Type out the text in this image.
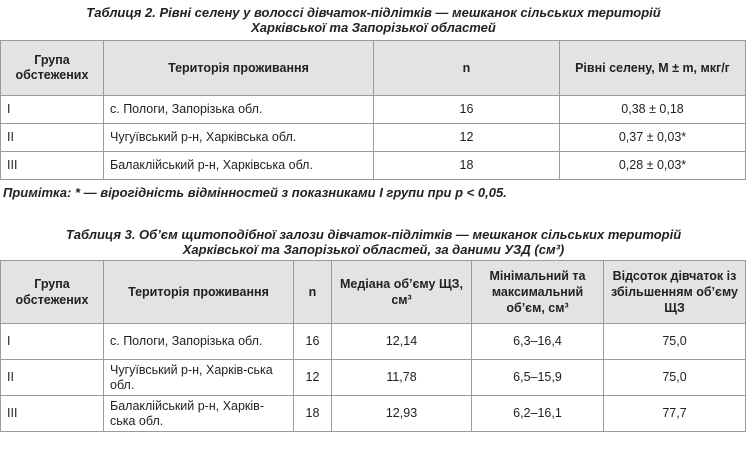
Таблиця 2. Рівні селену у волоссі дівчаток-підлітків — мешканок сільських територій
Харківської та Запорізької областей
Група обстежених	Територія проживання	n	Рівні селену, M ± m, мкг/г
I	с. Пологи, Запорізька обл.	16	0,38 ± 0,18
II	Чугуївський р-н, Харківська обл.	12	0,37 ± 0,03*
III	Балаклійський р-н, Харківська обл.	18	0,28 ± 0,03*
Примітка: * — вірогідність відмінностей з показниками I групи при р < 0,05.
Таблиця 3. Об’єм щитоподібної залози дівчаток-підлітків — мешканок сільських територій
Харківської та Запорізької областей, за даними УЗД (см³)
Група обстежених	Територія проживання	n	Медіана об’єму ЩЗ, см³	Мінімальний та максимальний об’єм, см³	Відсоток дівчаток із збільшенням об’єму ЩЗ
I	с. Пологи, Запорізька обл.	16	12,14	6,3–16,4	75,0
II	Чугуївський р-н, Харків-ська обл.	12	11,78	6,5–15,9	75,0
III	Балаклійський р-н, Харків-ська обл.	18	12,93	6,2–16,1	77,7
